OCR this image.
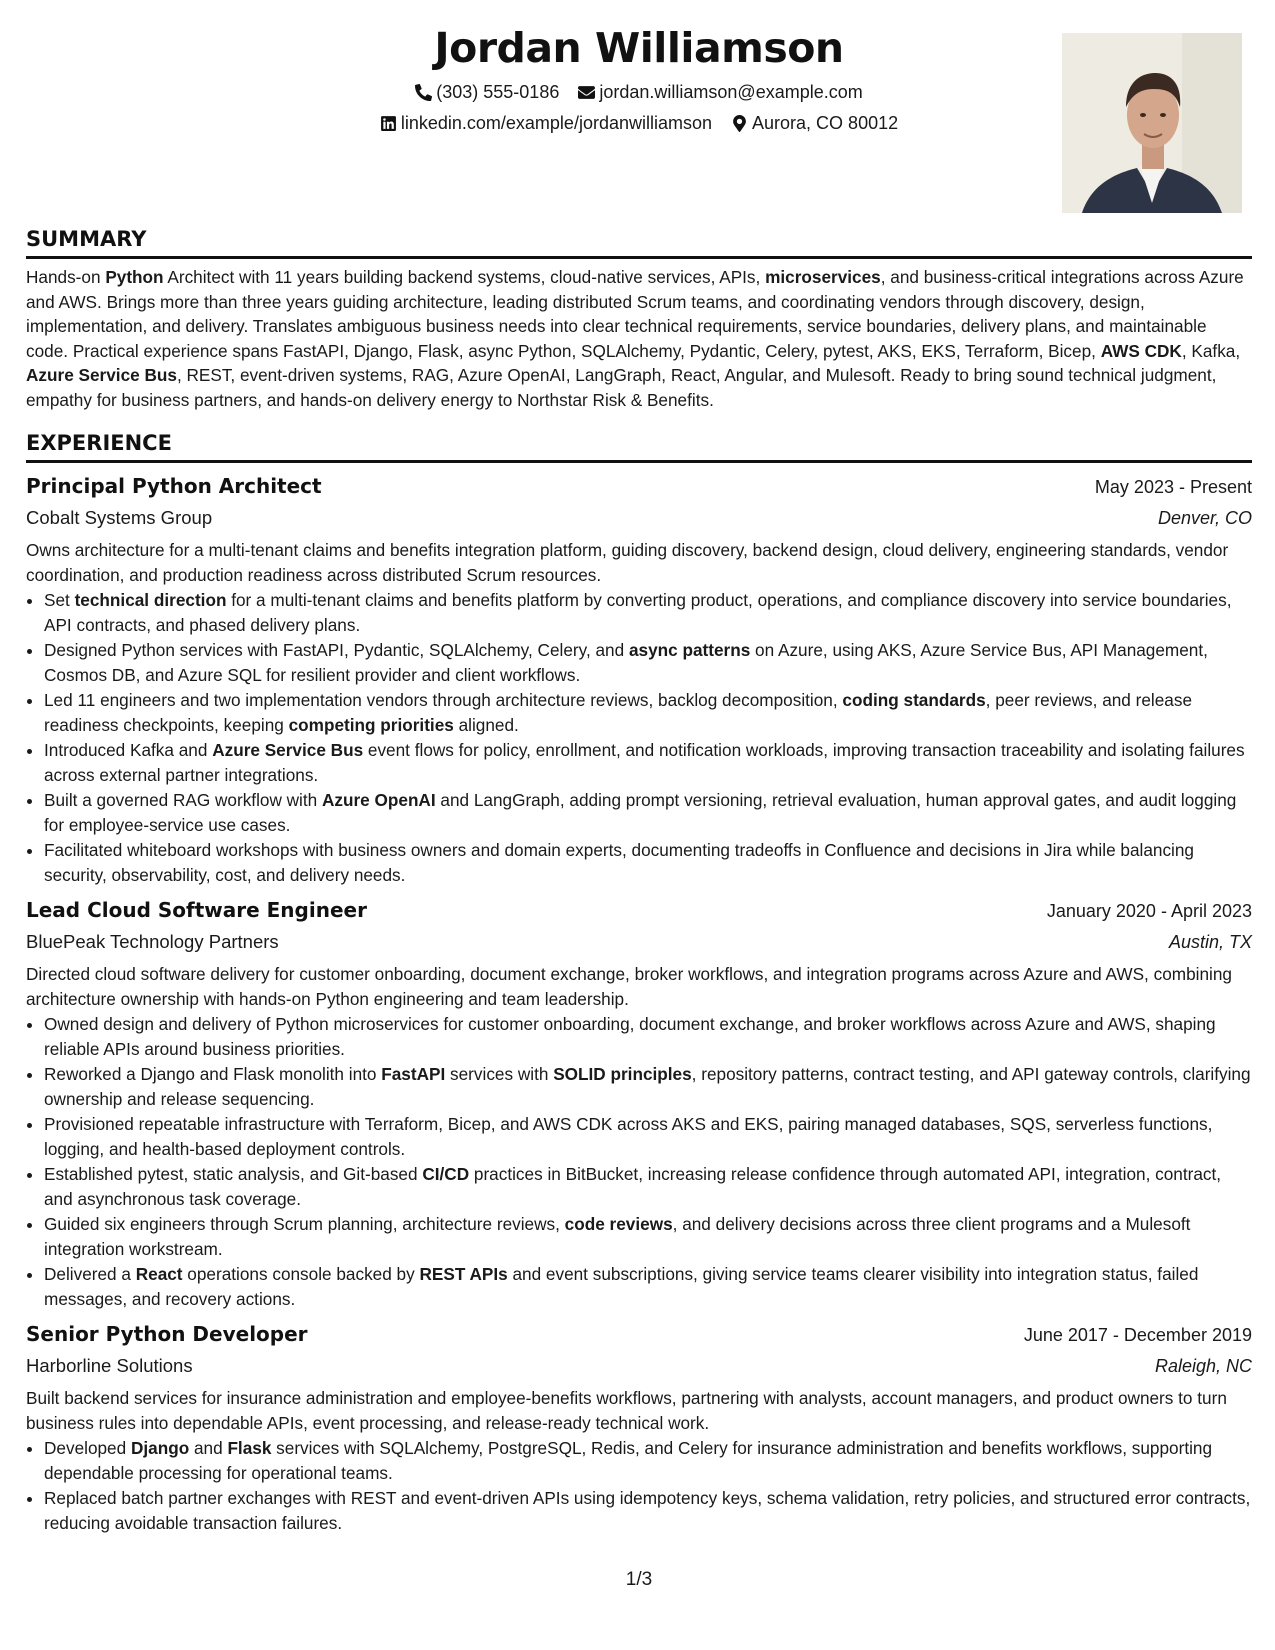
Jordan Williamson
(303) 555-0186
jordan.williamson@example.com
linkedin.com/example/jordanwilliamson
Aurora, CO 80012
SUMMARY

Hands-on Python Architect with 11 years building backend systems, cloud-native services, APIs, microservices, and business-critical integrations across Azure and AWS. Brings more than three years guiding architecture, leading distributed Scrum teams, and coordinating vendors through discovery, design, implementation, and delivery. Translates ambiguous business needs into clear technical requirements, service boundaries, delivery plans, and maintainable code. Practical experience spans FastAPI, Django, Flask, async Python, SQLAlchemy, Pydantic, Celery, pytest, AKS, EKS, Terraform, Bicep, AWS CDK, Kafka, Azure Service Bus, REST, event-driven systems, RAG, Azure OpenAI, LangGraph, React, Angular, and Mulesoft. Ready to bring sound technical judgment, empathy for business partners, and hands-on delivery energy to Northstar Risk & Benefits.

EXPERIENCE
Principal Python Architect	May 2023 - Present
Cobalt Systems Group	Denver, CO

Owns architecture for a multi-tenant claims and benefits integration platform, guiding discovery, backend design, cloud delivery, engineering standards, vendor coordination, and production readiness across distributed Scrum resources.

• Set technical direction for a multi-tenant claims and benefits platform by converting product, operations, and compliance discovery into service boundaries, API contracts, and phased delivery plans.
• Designed Python services with FastAPI, Pydantic, SQLAlchemy, Celery, and async patterns on Azure, using AKS, Azure Service Bus, API Management, Cosmos DB, and Azure SQL for resilient provider and client workflows.
• Led 11 engineers and two implementation vendors through architecture reviews, backlog decomposition, coding standards, peer reviews, and release readiness checkpoints, keeping competing priorities aligned.
• Introduced Kafka and Azure Service Bus event flows for policy, enrollment, and notification workloads, improving transaction traceability and isolating failures across external partner integrations.
• Built a governed RAG workflow with Azure OpenAI and LangGraph, adding prompt versioning, retrieval evaluation, human approval gates, and audit logging for employee-service use cases.
• Facilitated whiteboard workshops with business owners and domain experts, documenting tradeoffs in Confluence and decisions in Jira while balancing security, observability, cost, and delivery needs.
Lead Cloud Software Engineer	January 2020 - April 2023
BluePeak Technology Partners	Austin, TX

Directed cloud software delivery for customer onboarding, document exchange, broker workflows, and integration programs across Azure and AWS, combining architecture ownership with hands-on Python engineering and team leadership.

• Owned design and delivery of Python microservices for customer onboarding, document exchange, and broker workflows across Azure and AWS, shaping reliable APIs around business priorities.
• Reworked a Django and Flask monolith into FastAPI services with SOLID principles, repository patterns, contract testing, and API gateway controls, clarifying ownership and release sequencing.
• Provisioned repeatable infrastructure with Terraform, Bicep, and AWS CDK across AKS and EKS, pairing managed databases, SQS, serverless functions, logging, and health-based deployment controls.
• Established pytest, static analysis, and Git-based CI/CD practices in BitBucket, increasing release confidence through automated API, integration, contract, and asynchronous task coverage.
• Guided six engineers through Scrum planning, architecture reviews, code reviews, and delivery decisions across three client programs and a Mulesoft integration workstream.
• Delivered a React operations console backed by REST APIs and event subscriptions, giving service teams clearer visibility into integration status, failed messages, and recovery actions.
Senior Python Developer	June 2017 - December 2019
Harborline Solutions	Raleigh, NC

Built backend services for insurance administration and employee-benefits workflows, partnering with analysts, account managers, and product owners to turn business rules into dependable APIs, event processing, and release-ready technical work.

• Developed Django and Flask services with SQLAlchemy, PostgreSQL, Redis, and Celery for insurance administration and benefits workflows, supporting dependable processing for operational teams.
• Replaced batch partner exchanges with REST and event-driven APIs using idempotency keys, schema validation, retry policies, and structured error contracts, reducing avoidable transaction failures.
1/3
